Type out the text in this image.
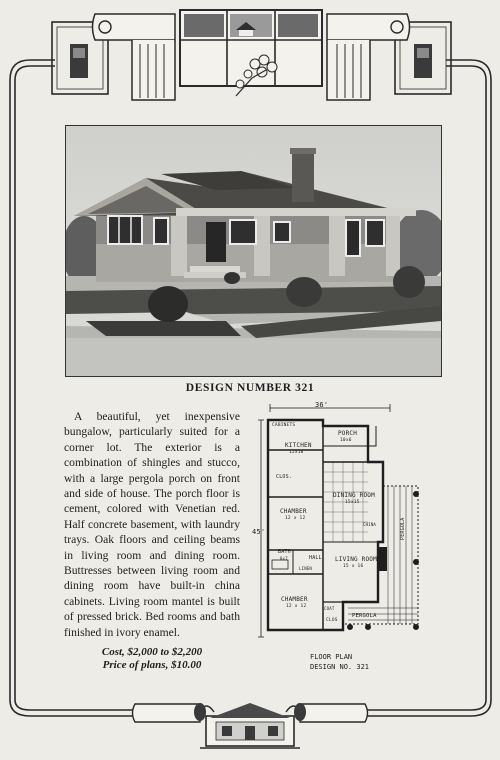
DESIGN NUMBER 321

A beautiful, yet inexpensive bungalow, particularly suited for a corner lot. The exterior is a combination of shingles and stucco, with a large pergola porch on front and side of house. The porch floor is cement, colored with Venetian red. Half concrete basement, with laundry trays. Oak floors and ceiling beams in living room and dining room. Buttresses between living room and dining room have built-in china cabinets. Living room mantel is built of pressed brick. Bed rooms and bath finished in ivory enamel.

Cost, $2,000 to $2,200
Price of plans, $10.00
36'
45'
CABINETS
PORCH
10x6
KITCHEN
12x10
CLOS.
DINING ROOM
15x15
CHAMBER
12 x 12
CHINA
BATH
8x7	HALL
LINEN
LIVING ROOM
15 x 16
CHAMBER
12 x 12	COAT
CLOS
PERGOLA
PERGOLA
FLOOR PLAN
DESIGN NO. 321
